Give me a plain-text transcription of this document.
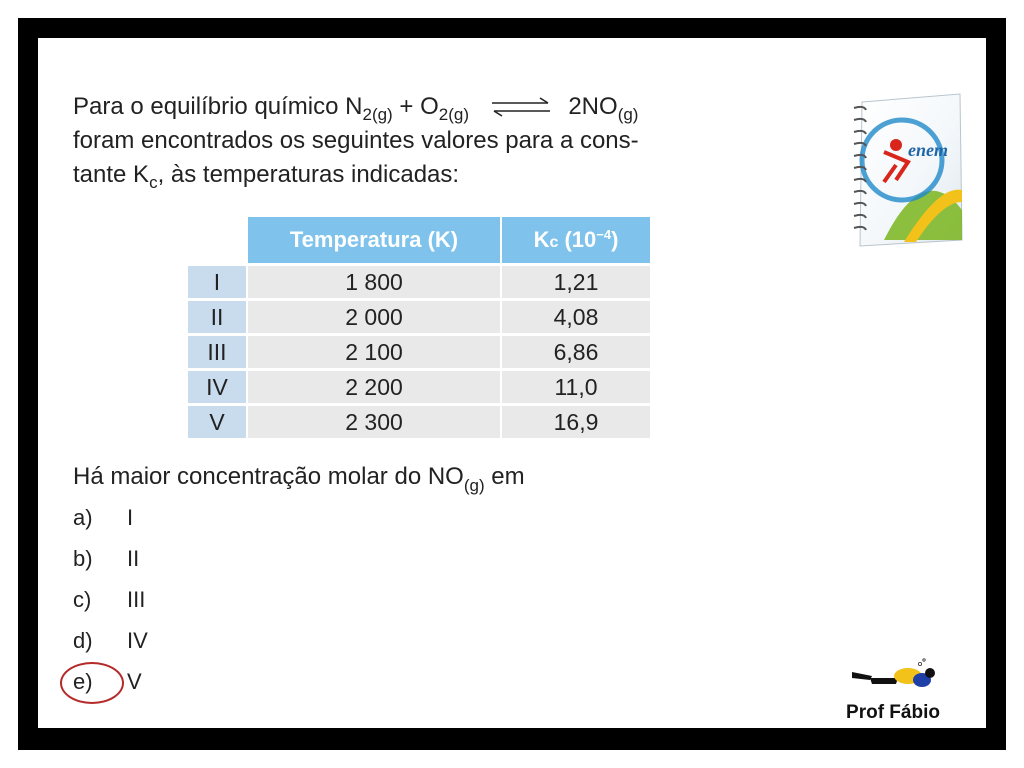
Para o equilíbrio químico $N_{2(g)} + O_{2(g)}$ ⇌ $2NO_{(g)}$
foram encontrados os seguintes valores para a cons-
tante $K_c$, às temperaturas indicadas:
	Temperatura (K)	Kc $(10^{-4})$
I	1 800	1,21
II	2 000	4,08
III	2 100	6,86
IV	2 200	11,0
V	2 300	16,9
Há maior concentração molar do $NO_{(g)}$ em
a) I
b) II
c) III
d) IV
e) V
enem
Prof Fábio
